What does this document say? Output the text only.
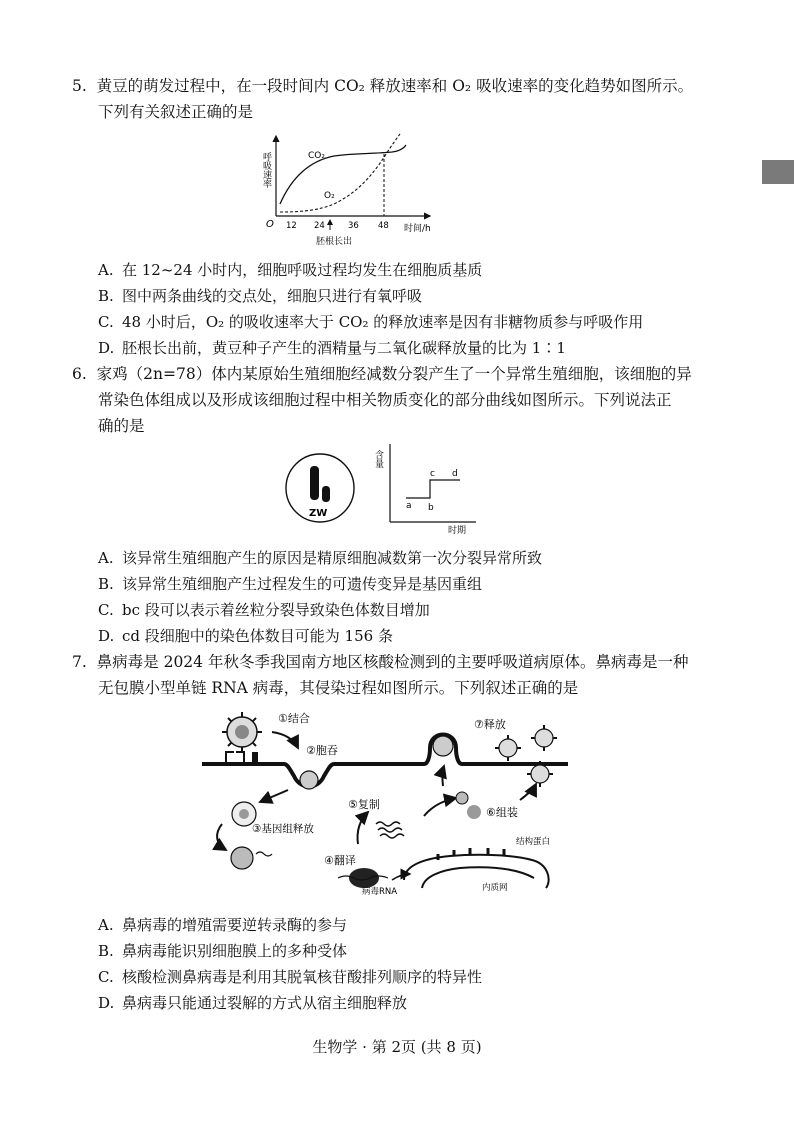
5. 黄豆的萌发过程中，在一段时间内 CO₂ 释放速率和 O₂ 吸收速率的变化趋势如图所示。
下列有关叙述正确的是
呼吸速率	CO₂
O₂
O 12 24	36 48
胚根长出
时间/h
A. 在 12~24 小时内，细胞呼吸过程均发生在细胞质基质
B. 图中两条曲线的交点处，细胞只进行有氧呼吸
C. 48 小时后，O₂ 的吸收速率大于 CO₂ 的释放速率是因有非糖物质参与呼吸作用
D. 胚根长出前，黄豆种子产生的酒精量与二氧化碳释放量的比为 1∶1
6. 家鸡（2n=78）体内某原始生殖细胞经减数分裂产生了一个异常生殖细胞，该细胞的异
常染色体组成以及形成该细胞过程中相关物质变化的部分曲线如图所示。下列说法正
确的是
ZW
含量
a b
c d
时期
A. 该异常生殖细胞产生的原因是精原细胞减数第一次分裂异常所致
B. 该异常生殖细胞产生过程发生的可遗传变异是基因重组
C. bc 段可以表示着丝粒分裂导致染色体数目增加
D. cd 段细胞中的染色体数目可能为 156 条
7. 鼻病毒是 2024 年秋冬季我国南方地区核酸检测到的主要呼吸道病原体。鼻病毒是一种
无包膜小型单链 RNA 病毒，其侵染过程如图所示。下列叙述正确的是
①结合
②胞吞
③基因组释放
④翻译
病毒RNA
⑤复制
⑥组装
结构蛋白
内质网
⑦释放
A. 鼻病毒的增殖需要逆转录酶的参与
B. 鼻病毒能识别细胞膜上的多种受体
C. 核酸检测鼻病毒是利用其脱氧核苷酸排列顺序的特异性
D. 鼻病毒只能通过裂解的方式从宿主细胞释放
生物学 · 第 2页 (共 8 页)
